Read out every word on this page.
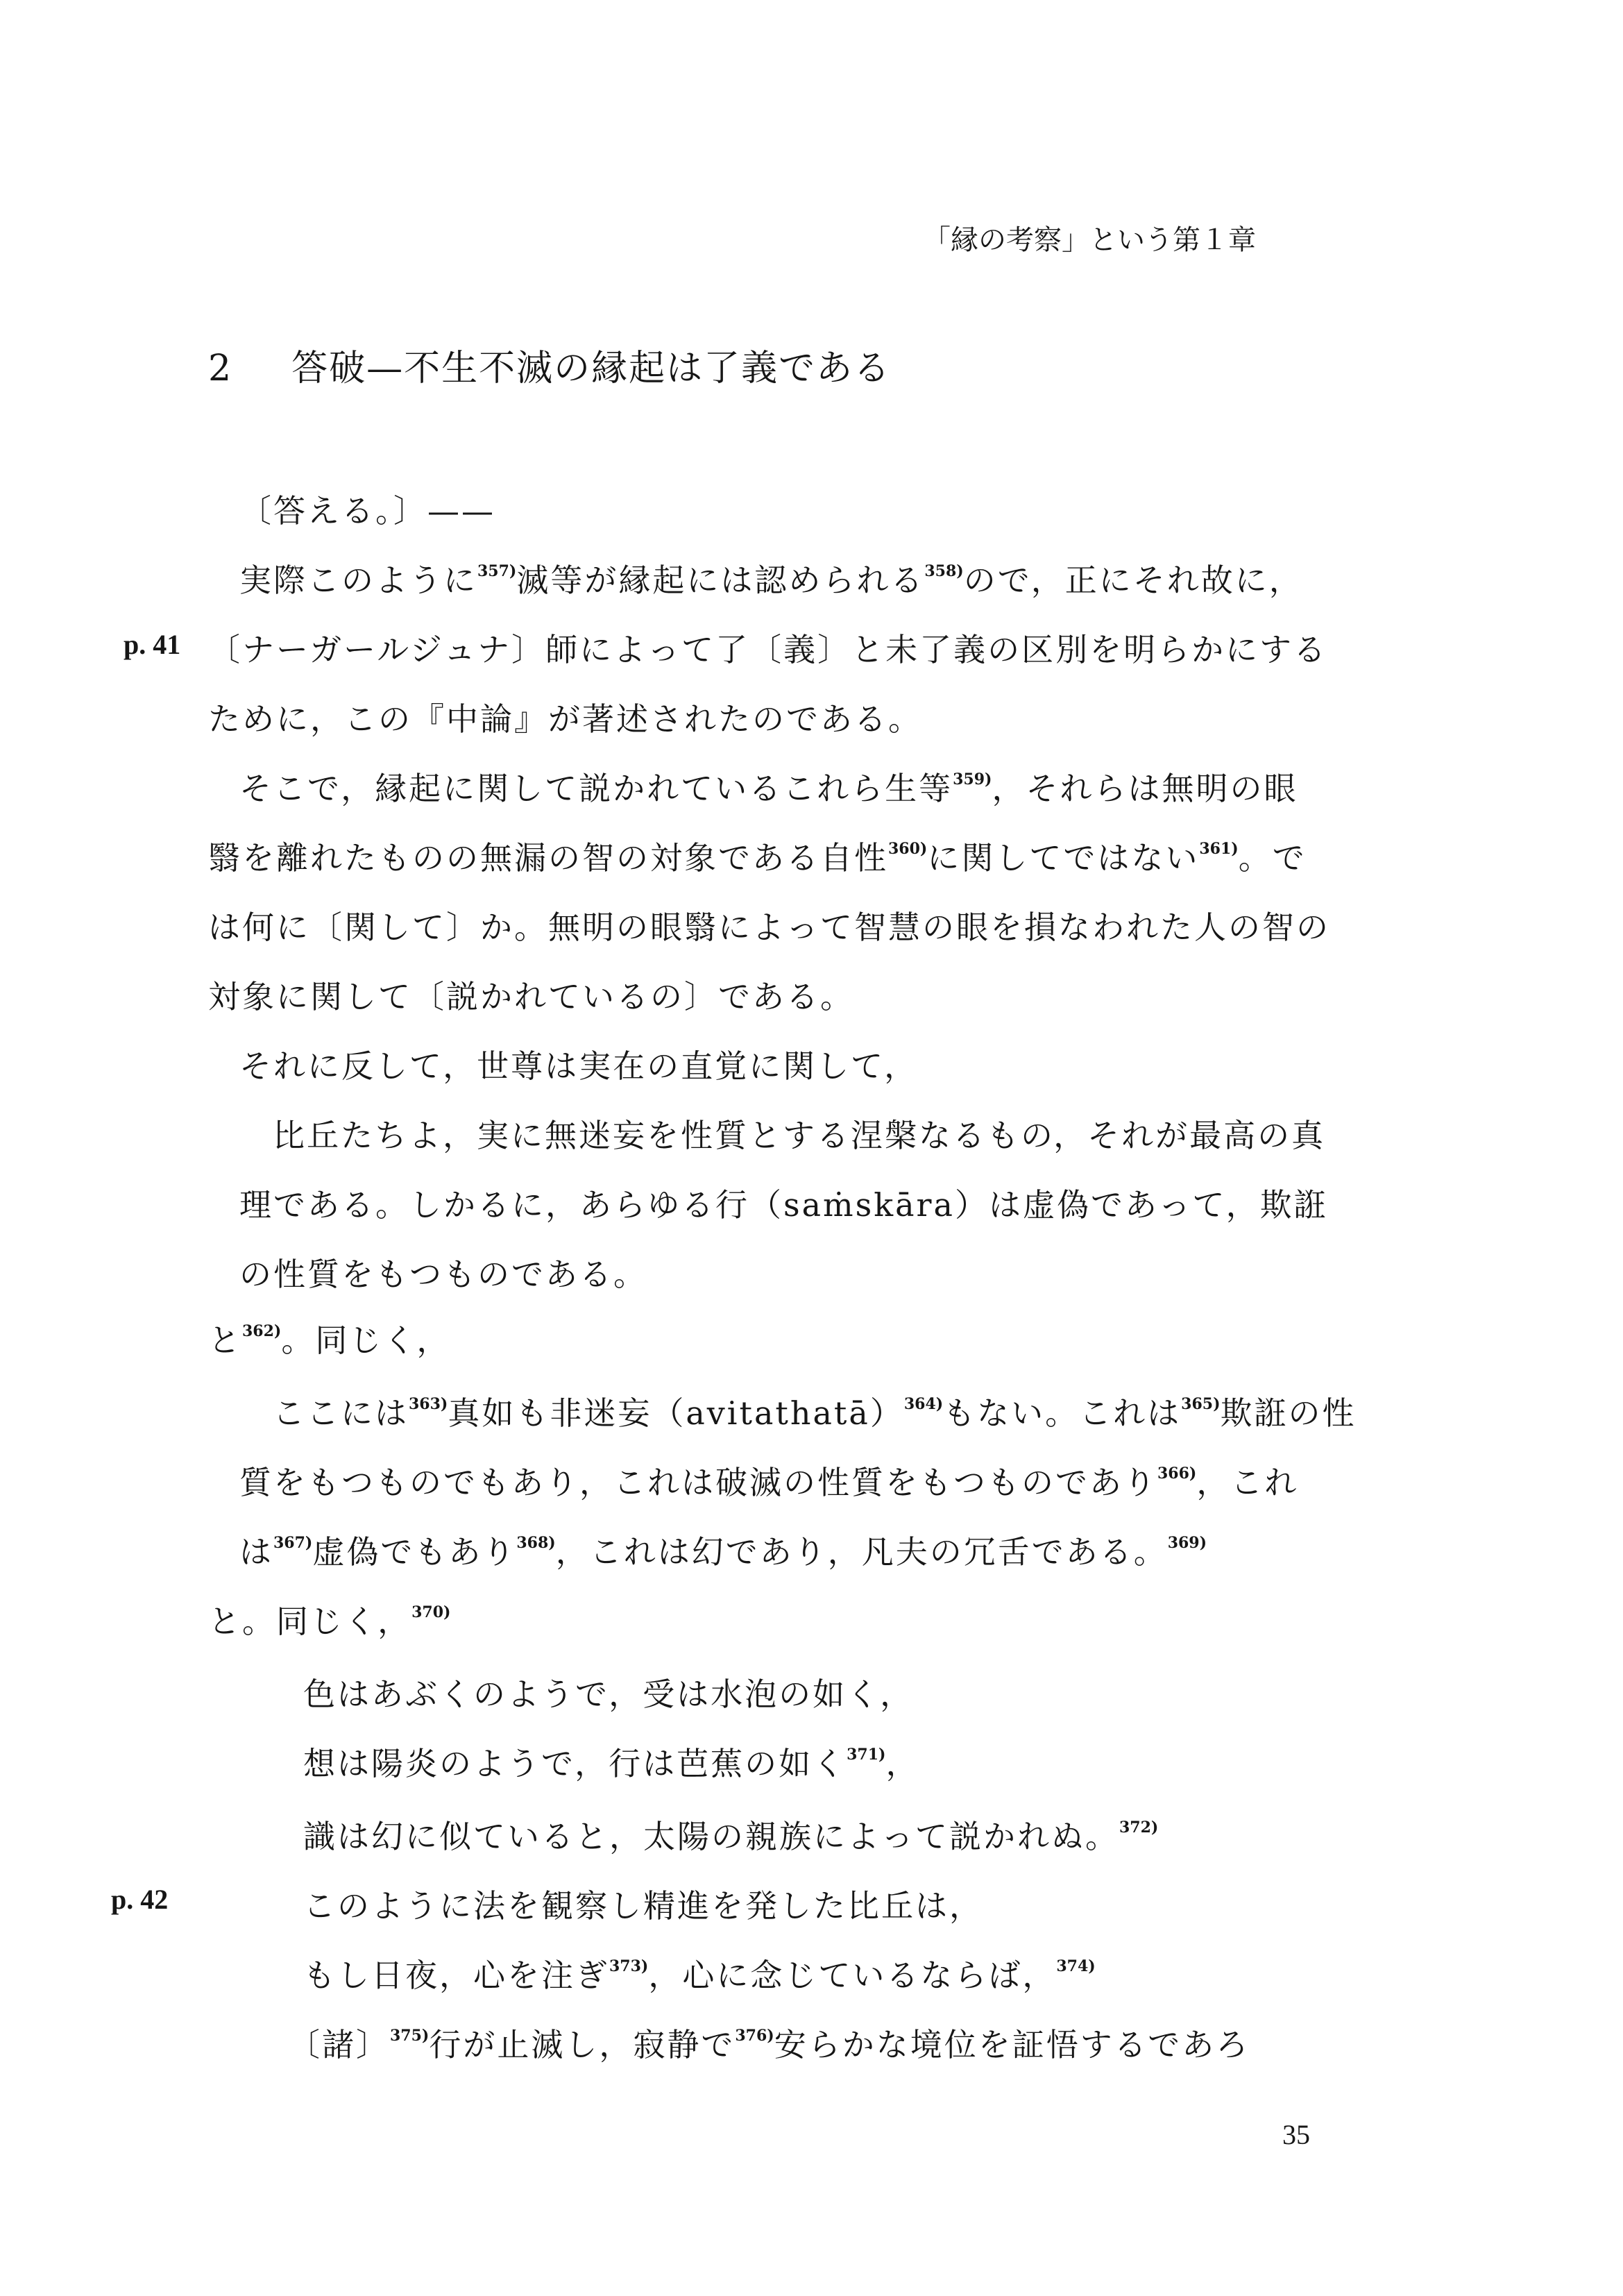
「縁の考察」という第１章
2 答破—不生不滅の縁起は了義である
〔答える。〕——
実際このように$^{357)}$滅等が縁起には認められる$^{358)}$ので，正にそれ故に，
p. 41 〔ナーガールジュナ〕師によって了〔義〕と未了義の区別を明らかにする
ために，この『中論』が著述されたのである。
そこで，縁起に関して説かれているこれら生等$^{359)}$，それらは無明の眼
翳を離れたものの無漏の智の対象である自性$^{360)}$に関してではない$^{361)}$。で
は何に〔関して〕か。無明の眼翳によって智慧の眼を損なわれた人の智の
対象に関して〔説かれているの〕である。
それに反して，世尊は実在の直覚に関して，
比丘たちよ，実に無迷妄を性質とする涅槃なるもの，それが最高の真
理である。しかるに，あらゆる行（saṁskāra）は虚偽であって，欺誑
の性質をもつものである。
と$^{362)}$。同じく，
ここには$^{363)}$真如も非迷妄（avitathatā）$^{364)}$もない。これは$^{365)}$欺誑の性
質をもつものでもあり，これは破滅の性質をもつものであり$^{366)}$，これ
は$^{367)}$虚偽でもあり$^{368)}$，これは幻であり，凡夫の冗舌である。$^{369)}$
と。同じく，$^{370)}$
色はあぶくのようで，受は水泡の如く，
想は陽炎のようで，行は芭蕉の如く$^{371)}$，
識は幻に似ていると，太陽の親族によって説かれぬ。$^{372)}$
p. 42	このように法を観察し精進を発した比丘は，
もし日夜，心を注ぎ$^{373)}$，心に念じているならば，$^{374)}$
〔諸〕$^{375)}$行が止滅し，寂静で$^{376)}$安らかな境位を証悟するであろ
35
